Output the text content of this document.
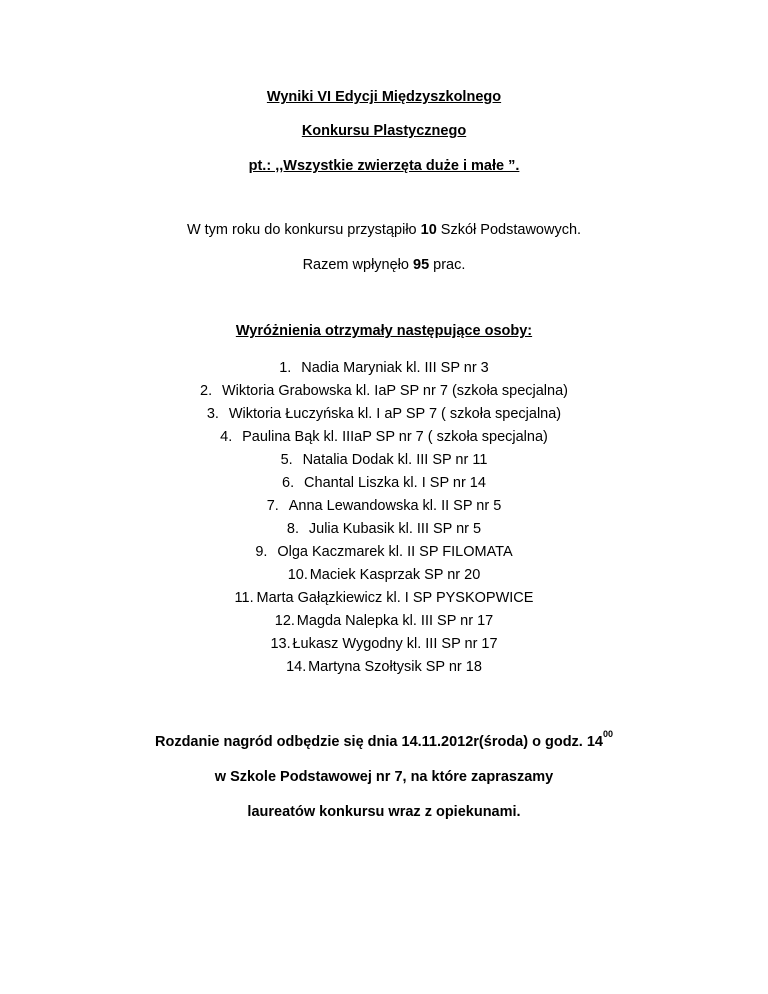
Wyniki VI Edycji Międzyszkolnego
Konkursu Plastycznego
pt.: ,,Wszystkie zwierzęta duże i małe ”.
W tym roku do konkursu przystąpiło 10 Szkół Podstawowych.
Razem wpłynęło 95 prac.
Wyróżnienia otrzymały następujące osoby:
1. Nadia Maryniak kl. III SP nr 3
2. Wiktoria Grabowska kl. IaP SP nr 7 (szkoła specjalna)
3. Wiktoria Łuczyńska kl. I aP SP 7 ( szkoła specjalna)
4. Paulina Bąk kl. IIIaP SP nr 7 ( szkoła specjalna)
5. Natalia Dodak kl. III SP nr 11
6. Chantal Liszka kl. I SP nr 14
7. Anna Lewandowska kl. II SP nr 5
8. Julia Kubasik kl. III SP nr 5
9. Olga Kaczmarek kl. II SP FILOMATA
10. Maciek Kasprzak SP nr 20
11. Marta Gałązkiewicz kl. I SP PYSKOPWICE
12. Magda Nalepka kl. III SP nr 17
13. Łukasz Wygodny kl. III SP nr 17
14. Martyna Szołtysik SP nr 18
Rozdanie nagród odbędzie się dnia 14.11.2012r(środa) o godz. $14^{00}$
w Szkole Podstawowej nr 7, na które zapraszamy
laureatów konkursu wraz z opiekunami.
